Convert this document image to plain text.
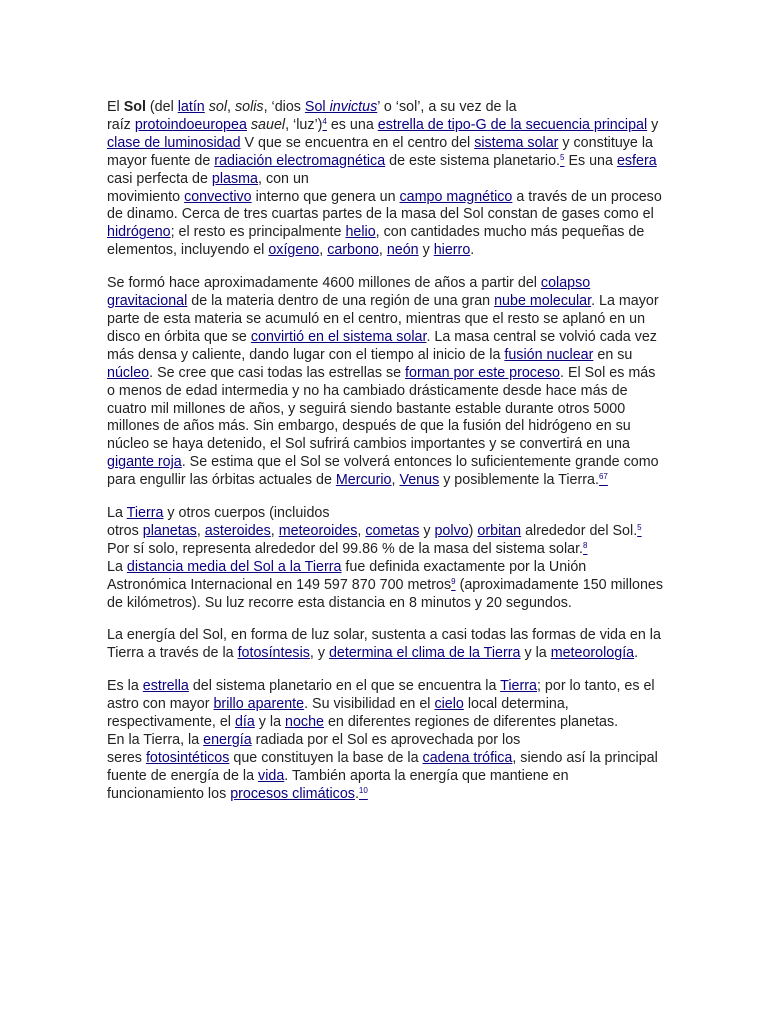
El Sol (del latín sol, solis, ‘dios Sol invictus’ o ‘sol’, a su vez de la
raíz protoindoeuropea sauel, ‘luz’)$^4$ es una estrella de tipo-G de la secuencia principal y clase de luminosidad V que se encuentra en el centro del sistema solar y constituye la mayor fuente de radiación electromagnética de este sistema planetario.$^5$ Es una esfera casi perfecta de plasma, con un
movimiento convectivo interno que genera un campo magnético a través de un proceso de dinamo. Cerca de tres cuartas partes de la masa del Sol constan de gases como el hidrógeno; el resto es principalmente helio, con cantidades mucho más pequeñas de elementos, incluyendo el oxígeno, carbono, neón y hierro.

Se formó hace aproximadamente 4600 millones de años a partir del colapso gravitacional de la materia dentro de una región de una gran nube molecular. La mayor parte de esta materia se acumuló en el centro, mientras que el resto se aplanó en un disco en órbita que se convirtió en el sistema solar. La masa central se volvió cada vez más densa y caliente, dando lugar con el tiempo al inicio de la fusión nuclear en su núcleo. Se cree que casi todas las estrellas se forman por este proceso. El Sol es más o menos de edad intermedia y no ha cambiado drásticamente desde hace más de cuatro mil millones de años, y seguirá siendo bastante estable durante otros 5000 millones de años más. Sin embargo, después de que la fusión del hidrógeno en su núcleo se haya detenido, el Sol sufrirá cambios importantes y se convertirá en una gigante roja. Se estima que el Sol se volverá entonces lo suficientemente grande como para engullir las órbitas actuales de Mercurio, Venus y posiblemente la Tierra.$^{67}$

La Tierra y otros cuerpos (incluidos
otros planetas, asteroides, meteoroides, cometas y polvo) orbitan alrededor del Sol.$^5$ Por sí solo, representa alrededor del 99.86 % de la masa del sistema solar.$^8$
La distancia media del Sol a la Tierra fue definida exactamente por la Unión Astronómica Internacional en 149 597 870 700 metros$^9$ (aproximadamente 150 millones de kilómetros). Su luz recorre esta distancia en 8 minutos y 20 segundos.

La energía del Sol, en forma de luz solar, sustenta a casi todas las formas de vida en la Tierra a través de la fotosíntesis, y determina el clima de la Tierra y la meteorología.

Es la estrella del sistema planetario en el que se encuentra la Tierra; por lo tanto, es el astro con mayor brillo aparente. Su visibilidad en el cielo local determina, respectivamente, el día y la noche en diferentes regiones de diferentes planetas.
En la Tierra, la energía radiada por el Sol es aprovechada por los
seres fotosintéticos que constituyen la base de la cadena trófica, siendo así la principal fuente de energía de la vida. También aporta la energía que mantiene en funcionamiento los procesos climáticos.$^{10}$
